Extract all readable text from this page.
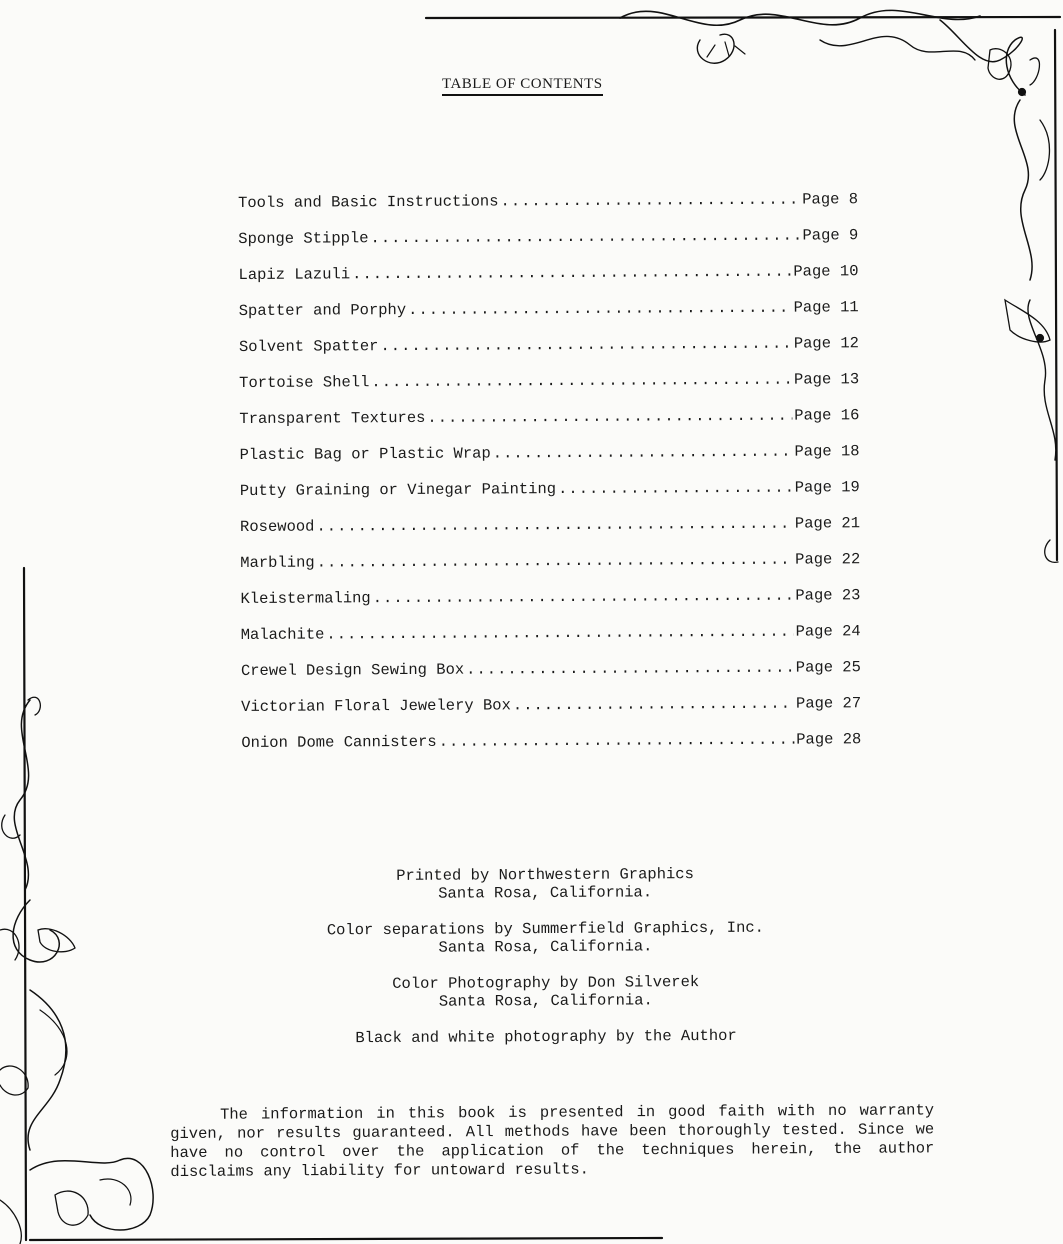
TABLE OF CONTENTS
Tools and Basic Instructions .....	Page 8
Sponge Stipple .....	Page 9
Lapiz Lazuli .....	Page 10
Spatter and Porphy .....	Page 11
Solvent Spatter .....	Page 12
Tortoise Shell .....	Page 13
Transparent Textures .....	Page 16
Plastic Bag or Plastic Wrap .....	Page 18
Putty Graining or Vinegar Painting .....	Page 19
Rosewood .....	Page 21
Marbling .....	Page 22
Kleistermaling .....	Page 23
Malachite .....	Page 24
Crewel Design Sewing Box .....	Page 25
Victorian Floral Jewelery Box .....	Page 27
Onion Dome Cannisters .....	Page 28
Printed by Northwestern Graphics
Santa Rosa, California.
Color separations by Summerfield Graphics, Inc.
Santa Rosa, California.
Color Photography by Don Silverek
Santa Rosa, California.
Black and white photography by the Author
The information in this book is presented in good faith with no warranty given, nor results guaranteed. All methods have been thoroughly tested. Since we have no control over the application of the techniques herein, the author disclaims any liability for untoward results.
